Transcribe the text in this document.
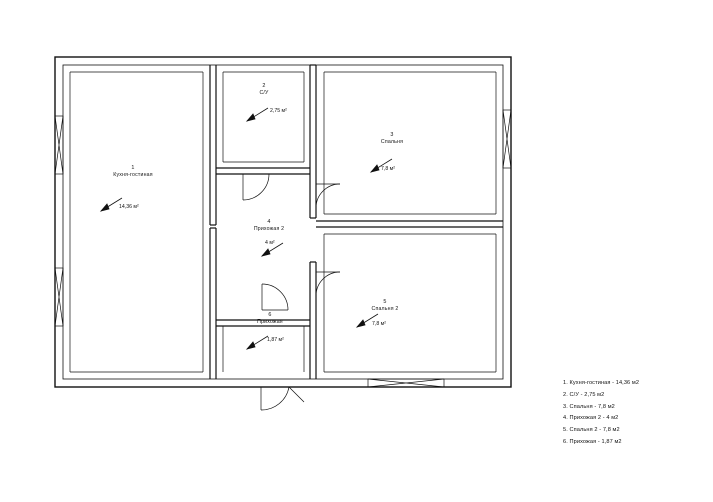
1
Кухня-гостиная
14,36 м²
2
С/У
2,75 м²
3
Спальня
7,8 м²
4
Прихожая 2
4 м²
5
Спальня 2
7,8 м²
6
Прихожая
1,87 м²
1. Кухня-гостиная - 14,36 м2
2. С/У - 2,75 м2
3. Спальня - 7,8 м2
4. Прихожая 2 - 4 м2
5. Спальня 2 - 7,8 м2
6. Прихожая - 1,87 м2
